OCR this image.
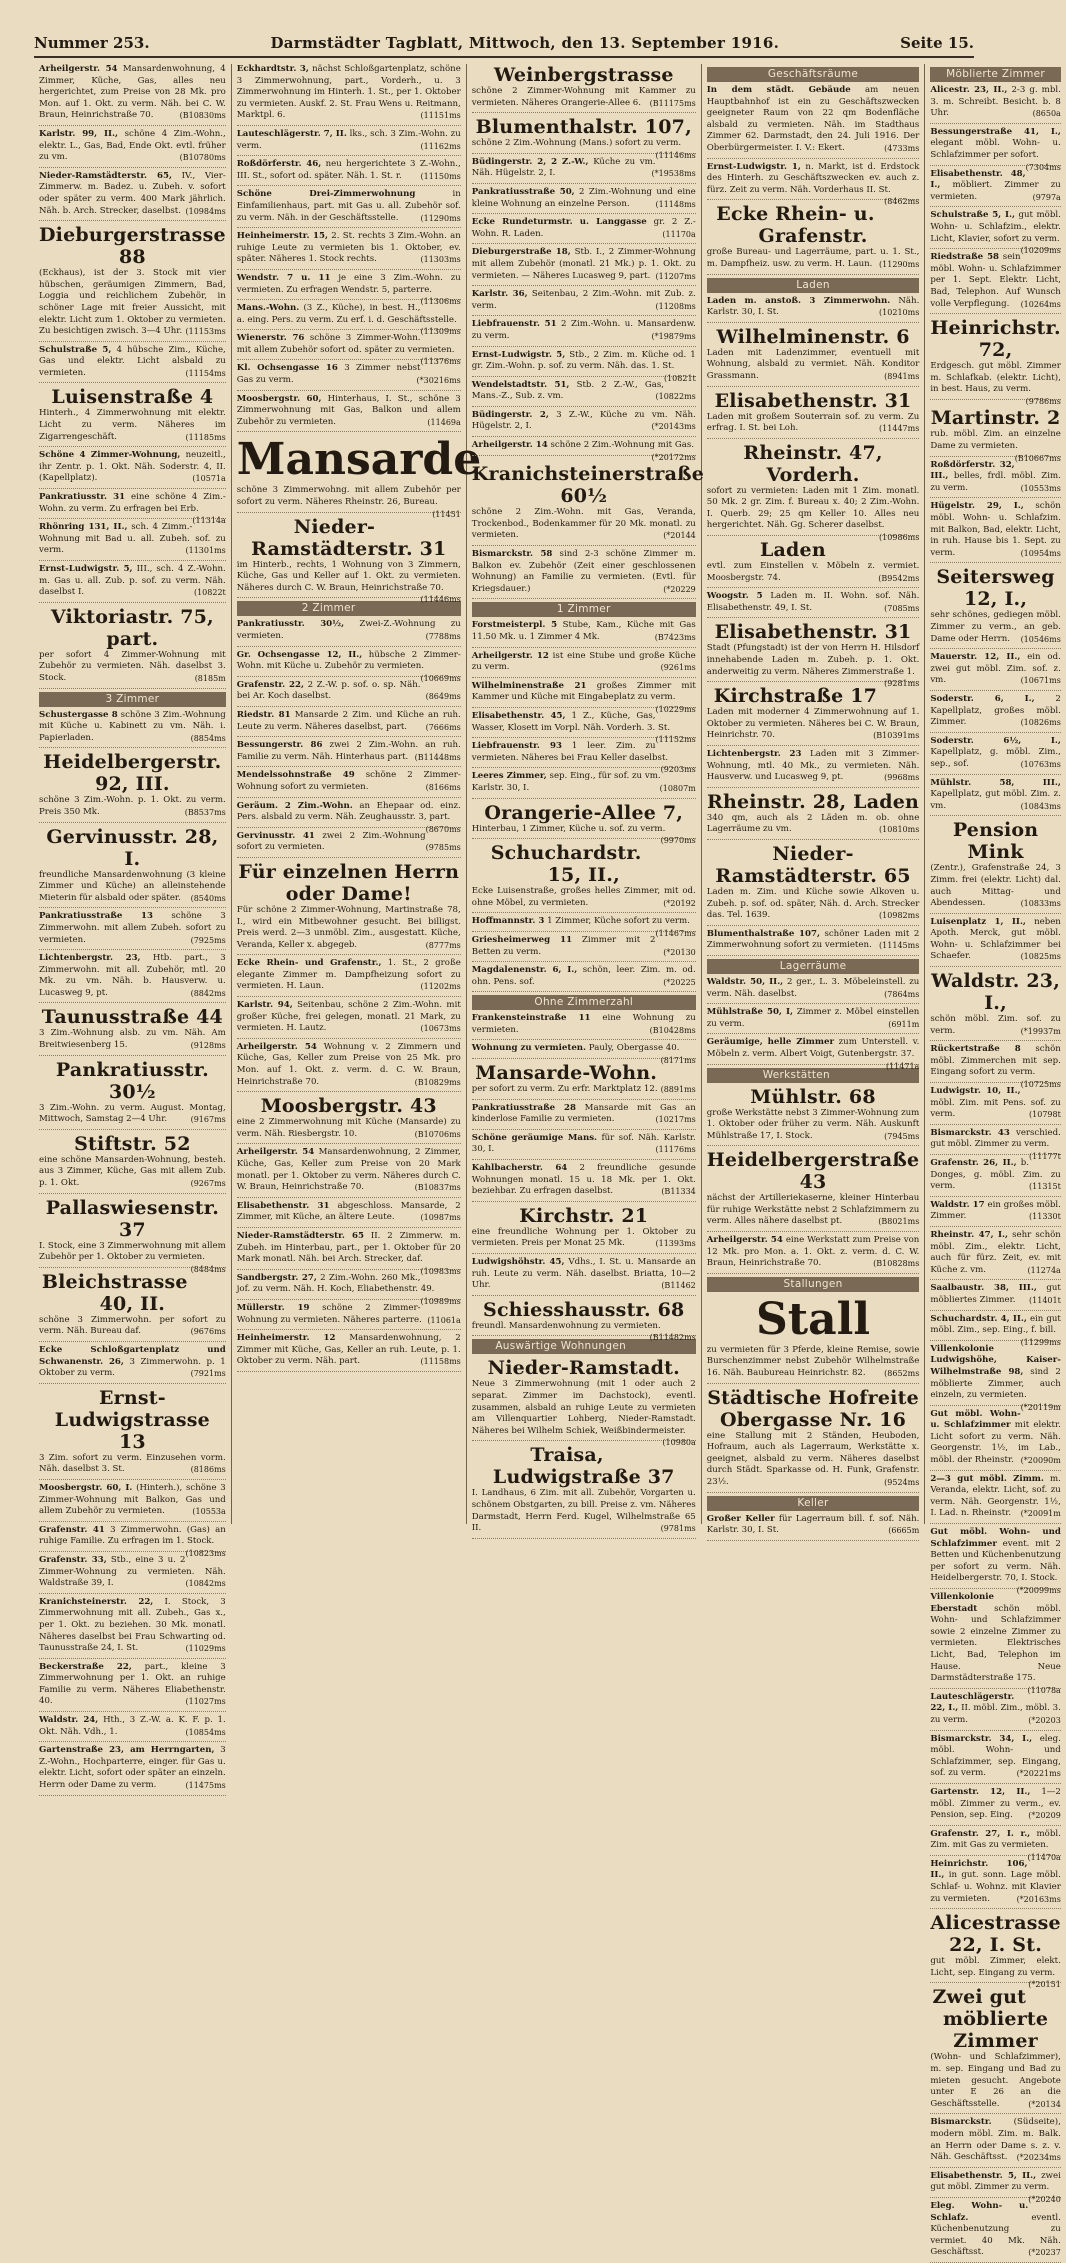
Nummer 253.	Darmstädter Tagblatt, Mittwoch, den 13. September 1916.	Seite 15.
Arheilgerstr. 54 Mansardenwohnung, 4 Zimmer, Küche, Gas, alles neu hergerichtet, zum Preise von 28 Mk. pro Mon. auf 1. Okt. zu verm. Näh. bei C. W. Braun, Heinrichstraße 70.	(B10830ms
Karlstr. 99, II., schöne 4 Zim.-Wohn., elektr. L., Gas, Bad, Ende Okt. evtl. früher zu vm.	(B10780ms
Nieder-Ramstädterstr. 65, IV., Vier-Zimmerw. m. Badez. u. Zubeh. v. sofort oder später zu verm. 400 Mark jährlich. Näh. b. Arch. Strecker, daselbst. (10984ms
Dieburgerstrasse 88
(Eckhaus), ist der 3. Stock mit vier hübschen, geräumigen Zimmern, Bad, Loggia und reichlichem Zubehör, in schöner Lage mit freier Aussicht, mit elektr. Licht zum 1. Oktober zu vermieten. Zu besichtigen zwisch. 3—4 Uhr. (11153ms
Schulstraße 5, 4 hübsche Zim., Küche, Gas und elektr. Licht alsbald zu vermieten.	(11154ms
Luisenstraße 4
Hinterh., 4 Zimmerwohnung mit elektr. Licht zu verm. Näheres im Zigarrengeschäft.	(11185ms
Schöne 4 Zimmer-Wohnung, neuzeitl., ihr Zentr. p. 1. Okt. Näh. Soderstr. 4, II. (Kapellplatz).	(10571a
Pankratiusstr. 31 eine schöne 4 Zim.-Wohn. zu verm. Zu erfragen bei Erb.
(11314a
Rhönring 131, II., sch. 4 Zimm.-Wohnung mit Bad u. all. Zubeh. sof. zu verm.	(11301ms
Ernst-Ludwigstr. 5, III., sch. 4 Z.-Wohn. m. Gas u. all. Zub. p. sof. zu verm. Näh. daselbst I.	(10822t
Viktoriastr. 75, part.
per sofort 4 Zimmer-Wohnung mit Zubehör zu vermieten. Näh. daselbst 3. Stock.	(8185m
3 Zimmer
Schustergasse 8 schöne 3 Zim.-Wohnung mit Küche u. Kabinett zu vm. Näh. i. Papierladen.	(8854ms
Heidelbergerstr. 92, III.
schöne 3 Zim.-Wohn. p. 1. Okt. zu verm. Preis 350 Mk.	(B8537ms
Gervinusstr. 28, I.
freundliche Mansardenwohnung (3 kleine Zimmer und Küche) an alleinstehende Mieterin für alsbald oder später. (8540ms
Pankratiusstraße 13 schöne 3 Zimmerwohn. mit allem Zubeh. sofort zu vermieten.	(7925ms
Lichtenbergstr. 23, Htb. part., 3 Zimmerwohn. mit all. Zubehör, mtl. 20 Mk. zu vm. Näh. b. Hausverw. u. Lucasweg 9, pt.	(8842ms
Taunusstraße 44
3 Zim.-Wohnung alsb. zu vm. Näh. Am Breitwiesenberg 15.	(9128ms
Pankratiusstr. 30½
3 Zim.-Wohn. zu verm. August. Montag, Mittwoch, Samstag 2—4 Uhr.	(9167ms
Stiftstr. 52
eine schöne Mansarden-Wohnung, besteh. aus 3 Zimmer, Küche, Gas mit allem Zub. p. 1. Okt.	(9267ms
Pallaswiesenstr. 37
I. Stock, eine 3 Zimmerwohnung mit allem Zubehör per 1. Oktober zu vermieten.
(8484ms
Bleichstrasse 40, II.
schöne 3 Zimmerwohn. per sofort zu verm. Näh. Bureau daf.	(9676ms
Ecke Schloßgartenplatz und Schwanenstr. 26, 3 Zimmerwohn. p. 1 Oktober zu verm.	(7921ms
Ernst-Ludwigstrasse 13
3 Zim. sofort zu verm. Einzusehen vorm. Näh. daselbst 3. St.	(8186ms
Moosbergstr. 60, I. (Hinterh.), schöne 3 Zimmer-Wohnung mit Balkon, Gas und allem Zubehör zu vermieten.	(10553a
Grafenstr. 41 3 Zimmerwohn. (Gas) an ruhige Familie. Zu erfragen im 1. Stock.
(10823ms
Grafenstr. 33, Stb., eine 3 u. 2 Zimmer-Wohnung zu vermieten. Näh. Waldstraße 39, I.	(10842ms
Kranichsteinerstr. 22, I. Stock, 3 Zimmerwohnung mit all. Zubeh., Gas x., per 1. Okt. zu beziehen. 30 Mk. monatl. Näheres daselbst bei Frau Schwarting od. Taunusstraße 24, I. St.	(11029ms
Beckerstraße 22, part., kleine 3 Zimmerwohnung per 1. Okt. an ruhige Familie zu verm. Näheres Eliabethenstr. 40.	(11027ms
Waldstr. 24, Hth., 3 Z.-W. a. K. F. p. 1. Okt. Näh. Vdh., 1.	(10854ms
Gartenstraße 23, am Herrngarten, 3 Z.-Wohn., Hochparterre, einger. für Gas u. elektr. Licht, sofort oder später an einzeln. Herrn oder Dame zu verm.	(11475ms
Eckhardtstr. 3, nächst Schloßgartenplatz, schöne 3 Zimmerwohnung, part., Vorderh., u. 3 Zimmerwohnung im Hinterh. 1. St., per 1. Oktober zu vermieten. Auskf. 2. St. Frau Wens u. Reitmann, Marktpl. 6.	(11151ms
Lauteschlägerstr. 7, II. lks., sch. 3 Zim.-Wohn. zu verm.	(11162ms
Roßdörferstr. 46, neu hergerichtete 3 Z.-Wohn., III. St., sofort od. später. Näh. 1. St. r. (11150ms
Schöne Drei-Zimmerwohnung	in Einfamilienhaus, part. mit Gas u. all. Zubehör sof. zu verm. Näh. in der Geschäftsstelle.	(11290ms
Heinheimerstr. 15, 2. St. rechts 3 Zim.-Wohn. an ruhige Leute zu vermieten bis 1. Oktober, ev. später. Näheres 1. Stock rechts.	(11303ms
Wendstr. 7 u. 11 je eine 3 Zim.-Wohn. zu vermieten. Zu erfragen Wendstr. 5, parterre.
(11306ms
Mans.-Wohn. (3 Z., Küche), in best. H., a. eing. Pers. zu verm. Zu erf. i. d. Geschäftsstelle.
(11309ms
Wienerstr. 76 schöne 3 Zimmer-Wohn. mit allem Zubehör sofort od. später zu vermieten.
(11376ms
Kl. Ochsengasse 16 3 Zimmer nebst Gas zu verm.	(*30216ms
Moosbergstr. 60, Hinterhaus, I. St., schöne 3 Zimmerwohnung mit Gas, Balkon und allem Zubehör zu vermieten.	(11469a
Mansarde
schöne 3 Zimmerwohng. mit allem Zubehör per sofort zu verm. Näheres Rheinstr. 26, Bureau.
(11451
Nieder-Ramstädterstr. 31
im Hinterb., rechts, 1 Wohnung von 3 Zimmern, Küche, Gas und Keller auf 1. Okt. zu vermieten. Näheres durch C. W. Braun, Heinrichstraße 70.
(11446ms
2 Zimmer
Pankratiusstr. 30½, Zwei-Z.-Wohnung zu vermieten.	(7788ms
Gr. Ochsengasse 12, II., hübsche 2 Zimmer-Wohn. mit Küche u. Zubehör zu vermieten.
(10669ms
Grafenstr. 22, 2 Z.-W. p. sof. o. sp. Näh. bei Ar. Koch daselbst.	(8649ms
Riedstr. 81 Mansarde 2 Zim. und Küche an ruh. Leute zu verm. Näheres daselbst, part. (7666ms
Bessungerstr. 86 zwei 2 Zim.-Wohn. an ruh. Familie zu verm. Näh. Hinterhaus part. (B11448ms
Mendelssohnstraße 49 schöne 2 Zimmer-Wohnung sofort zu vermieten.	(8166ms
Geräum. 2 Zim.-Wohn. an Ehepaar od. einz. Pers. alsbald zu verm. Näh. Zeughausstr. 3, part.
(8670ms
Gervinusstr. 41 zwei 2 Zim.-Wohnung sofort zu vermieten.	(9785ms
Für einzelnen Herrn oder Dame!
Für schöne 2 Zimmer-Wohnung, Martinstraße 78, I., wird ein Mitbewohner gesucht. Bei billigst. Preis werd. 2—3 unmöbl. Zim., ausgestatt. Küche, Veranda, Keller x. abgegeb.	(8777ms
Ecke Rhein- und Grafenstr., 1. St., 2 große elegante Zimmer m. Dampfheizung sofort zu vermieten. H. Laun.	(11202ms
Karlstr. 94, Seitenbau, schöne 2 Zim.-Wohn. mit großer Küche, frei gelegen, monatl. 21 Mark, zu vermieten. H. Lautz.	(10673ms
Arheilgerstr. 54 Wohnung v. 2 Zimmern und Küche, Gas, Keller zum Preise von 25 Mk. pro Mon. auf 1. Okt. z. verm. d. C. W. Braun, Heinrichstraße 70.	(B10829ms
Moosbergstr. 43
eine 2 Zimmerwohnung mit Küche (Mansarde) zu verm. Näh. Riesbergstr. 10.	(B10706ms
Arheilgerstr. 54 Mansardenwohnung, 2 Zimmer, Küche, Gas, Keller zum Preise von 20 Mark monatl. per 1. Oktober zu verm. Näheres durch C. W. Braun, Heinrichstraße 70.	(B10837ms
Elisabethenstr. 31 abgeschloss. Mansarde, 2 Zimmer, mit Küche, an ältere Leute.	(10987ms
Nieder-Ramstädterstr. 65 II. 2 Zimmerw. m. Zubeh. im Hinterbau, part., per 1. Oktober für 20 Mark monatl. Näh. bei Arch. Strecker, daf.
(10983ms
Sandbergstr. 27, 2 Zim.-Wohn. 260 Mk., jof. zu verm. Näh. H. Koch, Eliabethenstr. 49.
(10989ms
Müllerstr. 19 schöne 2 Zimmer-Wohnung zu vermieten. Näheres parterre. (11061a
Heinheimerstr. 12 Mansardenwohnung, 2 Zimmer mit Küche, Gas, Keller an ruh. Leute, p. 1. Oktober zu verm. Näh. part.	(11158ms
Weinbergstrasse
schöne 2 Zimmer-Wohnung mit Kammer zu vermieten. Näheres Orangerie-Allee 6. (B11175ms
Blumenthalstr. 107,
schöne 2 Zim.-Wohnung (Mans.) sofort zu verm.
(11146ms
Büdingerstr. 2, 2 Z.-W., Küche zu vm. Näh. Hügelstr. 2, I.	(*19538ms
Pankratiusstraße 50, 2 Zim.-Wohnung und eine kleine Wohnung an einzelne Person.	(11148ms
Ecke Rundeturmstr. u. Langgasse gr. 2 Z.-Wohn. R. Laden.	(11170a
Dieburgerstraße 18, Stb. I., 2 Zimmer-Wohnung mit allem Zubehör (monatl. 21 Mk.) p. 1. Okt. zu vermieten. — Näheres Lucasweg 9, part. (11207ms
Karlstr. 36, Seitenbau, 2 Zim.-Wohn. mit Zub. z. verm.	(11208ms
Liebfrauenstr. 51 2 Zim.-Wohn. u. Mansardenw. zu verm.	(*19879ms
Ernst-Ludwigstr. 5, Stb., 2 Zim. m. Küche od. 1 gr. Zim.-Wohn. p. sof. zu verm. Näh. das. 1. St.
(10821t
Wendelstadtstr. 51, Stb. 2 Z.-W., Gas, Mans.-Z., Sub. z. vm.	(10822ms
Büdingerstr. 2, 3 Z.-W., Küche zu vm. Näh. Hügelstr. 2, I.	(*20143ms
Arheilgerstr. 14 schöne 2 Zim.-Wohnung mit Gas.
(*20172ms
Kranichsteinerstraße 60½
schöne 2 Zim.-Wohn. mit Gas, Veranda, Trockenbod., Bodenkammer für 20 Mk. monatl. zu vermieten.	(*20144
Bismarckstr. 58 sind 2-3 schöne Zimmer m. Balkon ev. Zubehör (Zeit einer geschlossenen Wohnung) an Familie zu vermieten. (Evtl. für Kriegsdauer.)	(*20229
1 Zimmer
Forstmeisterpl. 5 Stube, Kam., Küche mit Gas 11.50 Mk. u. 1 Zimmer 4 Mk.	(B7423ms
Arheilgerstr. 12 ist eine Stube und große Küche zu verm.	(9261ms
Wilhelminenstraße 21 großes Zimmer mit Kammer und Küche mit Eingabeplatz zu verm.
(10229ms
Elisabethenstr. 45, 1 Z., Küche, Gas, Wasser, Klosett im Vorpl. Näh. Vorderh. 3. St.
(11152ms
Liebfrauenstr. 93 1 leer. Zim. zu vermieten. Näheres bei Frau Keller daselbst.
(9203ms
Leeres Zimmer, sep. Eing., für sof. zu vm. Karlstr. 30, I.	(10807m
Orangerie-Allee 7,
Hinterbau, 1 Zimmer, Küche u. sof. zu verm.
(9970ms
Schuchardstr. 15, II.,
Ecke Luisenstraße, großes helles Zimmer, mit od. ohne Möbel, zu vermieten.	(*20192
Hoffmannstr. 3 1 Zimmer, Küche sofort zu verm.
(11467ms
Griesheimerweg 11 Zimmer mit 2 Betten zu verm.	(*20130
Magdalenenstr. 6, I., schön, leer. Zim. m. od. ohn. Pens. sof.	(*20225
Ohne Zimmerzahl
Frankensteinstraße 11 eine Wohnung zu vermieten.	(B10428ms
Wohnung zu vermieten. Pauly, Obergasse 40.
(8171ms
Mansarde-Wohn.
per sofort zu verm. Zu erfr. Marktplatz 12. (8891ms
Pankratiusstraße 28 Mansarde mit Gas an kinderlose Familie zu vermieten.	(10217ms
Schöne geräumige Mans. für sof. Näh. Karlstr. 30, I.	(11176ms
Kahlbacherstr. 64 2 freundliche gesunde Wohnungen monatl. 15 u. 18 Mk. per 1. Okt. beziehbar. Zu erfragen daselbst.	(B11334
Kirchstr. 21
eine freundliche Wohnung per 1. Oktober zu vermieten. Preis per Monat 25 Mk.	(11393ms
Ludwigshöhstr. 45, Vdhs., I. St. u. Mansarde an ruh. Leute zu verm. Näh. daselbst. Briatta, 10—2 Uhr.	(B11462
Schiesshausstr. 68
freundl. Mansardenwohnung zu vermieten.
(B11482ms
Auswärtige Wohnungen
Nieder-Ramstadt.
Neue 3 Zimmerwohnung (mit 1 oder auch 2 separat. Zimmer im Dachstock), eventl. zusammen, alsbald an ruhige Leute zu vermieten am Villenquartier Lohberg, Nieder-Ramstadt. Näheres bei Wilhelm Schiek, Weißbindermeister.
(10980a
Traisa, Ludwigstraße 37
I. Landhaus, 6 Zim. mit all. Zubehör, Vorgarten u. schönem Obstgarten, zu bill. Preise z. vm. Näheres Darmstadt, Herrn Ferd. Kugel, Wilhelmstraße 65 II.	(9781ms
Geschäftsräume
In dem städt. Gebäude am neuen Hauptbahnhof ist ein zu Geschäftszwecken geeigneter Raum von 22 qm Bodenfläche alsbald zu vermieten. Näh. im Stadthaus Zimmer 62. Darmstadt, den 24. Juli 1916. Der Oberbürgermeister. I. V.: Ekert.	(4733ms
Ernst-Ludwigstr. 1, n. Markt, ist d. Erdstock des Hinterh. zu Geschäftszwecken ev. auch z. fürz. Zeit zu verm. Näh. Vorderhaus II. St.
(8462ms
Ecke Rhein- u. Grafenstr.
große Bureau- und Lagerräume, part. u. 1. St., m. Dampfheiz. usw. zu verm. H. Laun. (11290ms
Laden
Laden m. anstoß. 3 Zimmerwohn. Näh. Karlstr. 30, I. St.	(10210ms
Wilhelminenstr. 6
Laden mit Ladenzimmer, eventuell mit Wohnung, alsbald zu vermiet. Näh. Konditor Grassmann.	(8941ms
Elisabethenstr. 31
Laden mit großem Souterrain sof. zu verm. Zu erfrag. I. St. bei Loh.	(11447ms
Rheinstr. 47, Vorderh.
sofort zu vermieten: Laden mit 1 Zim. monatl. 50 Mk. 2 gr. Zim. f. Bureau x. 40; 2 Zim.-Wohn. I. Querb. 29; 25 qm Keller 10. Alles neu hergerichtet. Näh. Gg. Scherer daselbst.
(10986ms
Laden
evtl. zum Einstellen v. Möbeln z. vermiet. Moosbergstr. 74.	(B9542ms
Woogstr. 5 Laden m. II. Wohn. sof. Näh. Elisabethenstr. 49, I. St.	(7085ms
Elisabethenstr. 31
Stadt (Pfungstadt) ist der von Herrn H. Hilsdorf innehabende Laden m. Zubeh. p. 1. Okt. anderweitig zu verm. Näheres Zimmerstraße 1.
(9281ms
Kirchstraße 17
Laden mit moderner 4 Zimmerwohnung auf 1. Oktober zu vermieten. Näheres bei C. W. Braun, Heinrichstr. 70.	(B10391ms
Lichtenbergstr. 23 Laden mit 3 Zimmer-Wohnung, mtl. 40 Mk., zu vermieten. Näh. Hausverw. und Lucasweg 9, pt.	(9968ms
Rheinstr. 28, Laden
340 qm, auch als 2 Läden m. ob. ohne Lagerräume zu vm.	(10810ms
Nieder-Ramstädterstr. 65
Laden m. Zim. und Küche sowie Alkoven u. Zubeh. p. sof. od. später, Näh. d. Arch. Strecker das. Tel. 1639.	(10982ms
Blumenthalstraße 107, schöner Laden mit 2 Zimmerwohnung sofort zu vermieten. (11145ms
Lagerräume
Waldstr. 50, II., 2 ger., L. 3. Möbeleinstell. zu verm. Näh. daselbst.	(7864ms
Mühlstraße 50, I, Zimmer z. Möbel einstellen zu verm.	(6911m
Geräumige, helle Zimmer zum Unterstell. v. Möbeln z. verm. Albert Voigt, Gutenbergstr. 37.
(11471a
Werkstätten
Mühlstr. 68
große Werkstätte nebst 3 Zimmer-Wohnung zum 1. Oktober oder früher zu verm. Näh. Auskunft Mühlstraße 17, I. Stock.	(7945ms
Heidelbergerstraße 43
nächst der Artilleriekaserne, kleiner Hinterbau für ruhige Werkstätte nebst 2 Schlafzimmern zu verm. Alles nähere daselbst pt.	(B8021ms
Arheilgerstr. 54 eine Werkstatt zum Preise von 12 Mk. pro Mon. a. 1. Okt. z. verm. d. C. W. Braun, Heinrichstraße 70.	(B10828ms
Stallungen
Stall
zu vermieten für 3 Pferde, kleine Remise, sowie Burschenzimmer nebst Zubehör Wilhelmstraße 16. Näh. Baubureau Heinrichstr. 82. (8652ms
Städtische Hofreite Obergasse Nr. 16
eine Stallung mit 2 Ständen, Heuboden, Hofraum, auch als Lagerraum, Werkstätte x. geeignet, alsbald zu verm. Näheres daselbst durch Städt. Sparkasse od. H. Funk, Grafenstr. 23½.	(9524ms
Keller
Großer Keller für Lagerraum bill. f. sof. Näh. Karlstr. 30, I. St.	(6665m
Möblierte Zimmer
Alicestr. 23, II., 2-3 g. mbl. 3. m. Schreibt. Besicht. b. 8 Uhr.	(8650a
Bessungerstraße 41, I., elegant möbl. Wohn- u. Schlafzimmer per sofort.
(7304ms
Elisabethenstr. 48, I., möbliert. Zimmer zu vermieten.	(9797a
Schulstraße 5, I., gut möbl. Wohn- u. Schlafzim., elektr. Licht, Klavier, sofort zu verm.
(10209ms
Riedstraße 58 sein möbl. Wohn- u. Schlafzimmer per 1. Sept. Elektr. Licht, Bad, Telephon. Auf Wunsch volle Verpflegung. (10264ms
Heinrichstr. 72,
Erdgesch. gut möbl. Zimmer m. Schlafkab. (elektr. Licht), in best. Haus, zu verm.
(9786ms
Martinstr. 2
rub. möbl. Zim. an einzelne Dame zu vermieten.
(B10667ms
Roßdörferstr. 32, III., belles, frdl. möbl. Zim. zu verm.	(10553ms
Hügelstr. 29, I., schön möbl. Wohn- u. Schlafzim. mit Balkon, Bad, elektr. Licht, in ruh. Hause bis 1. Sept. zu verm.	(10954ms
Seitersweg 12, I.,
sehr schönes, gediegen möbl. Zimmer zu verm., an geb. Dame oder Herrn. (10546ms
Mauerstr. 12, II., ein od. zwei gut möbl. Zim. sof. z. vm.	(10671ms
Soderstr. 6, I., 2 Kapellplatz, großes möbl. Zimmer.	(10826ms
Soderstr. 6½, I., Kapellplatz, g. möbl. Zim., sep., sof.	(10763ms
Mühlstr. 58, III., Kapellplatz, gut möbl. Zim. z. vm.	(10843ms
Pension Mink
(Zentr.), Grafenstraße 24, 3 Zimm. frei (elektr. Licht) dal. auch Mittag- und Abendessen.	(10833ms
Luisenplatz 1, II., neben Apoth. Merck, gut möbl. Wohn- u. Schlafzimmer bei Schaefer.	(10825ms
Waldstr. 23, I.,
schön möbl. Zim. sof. zu verm.	(*19937m
Rückertstraße 8 schön möbl. Zimmerchen mit sep. Eingang sofort zu verm.
(10725ms
Ludwigstr. 10, II., möbl. Zim. mit Pens. sof. zu verm.	(10798t
Bismarckstr. 43 verschied. gut möbl. Zimmer zu verm.
(11177t
Grafenstr. 26, II., b. Donges, g. möbl. Zim. zu verm.	(11315t
Waldstr. 17 ein großes möbl. Zimmer.	(11330t
Rheinstr. 47, I., sehr schön möbl. Zim., elektr. Licht, auch für fürz. Zeit, ev. mit Küche z. vm.	(11274a
Saalbaustr. 38, III., gut möbliertes Zimmer. (11401t
Schuchardstr. 4, II., ein gut möbl. Zim., sep. Eing., f. bill.
(11299ms
Villenkolonie Ludwigshöhe, Kaiser-Wilhelmstraße 98, sind 2 möblierte Zimmer, auch einzeln, zu vermieten.
(*20119m
Gut möbl. Wohn- u. Schlafzimmer mit elektr. Licht sofort zu verm. Näh. Georgenstr. 1½, im Lab., möbl. der Rheinstr. (*20090m
2—3 gut möbl. Zimm. m. Veranda, elektr. Licht, sof. zu verm. Näh. Georgenstr. 1½, I. Lad. n. Rheinstr. (*20091m
Gut möbl. Wohn- und Schlafzimmer event. mit 2 Betten und Küchenbenutzung per sofort zu verm. Näh. Heidelbergerstr. 70, I. Stock.
(*20099ms
Villenkolonie Eberstadt schön möbl. Wohn- und Schlafzimmer sowie 2 einzelne Zimmer zu vermieten. Elektrisches Licht, Bad, Telephon im Hause. Neue Darmstädterstraße 175.
(11078a
Lauteschlägerstr. 22, I., II. möbl. Zim., möbl. 3. zu verm.	(*20203
Bismarckstr. 34, I., eleg. möbl. Wohn- und Schlafzimmer, sep. Eingang, sof. zu verm.	(*20221ms
Gartenstr. 12, II., 1—2 möbl. Zimmer zu verm., ev. Pension, sep. Eing. (*20209
Grafenstr. 27, I. r., möbl. Zim. mit Gas zu vermieten.
(11470a
Heinrichstr. 106, II., in gut. sonn. Lage möbl. Schlaf- u. Wohnz. mit Klavier zu vermieten.	(*20163ms
Alicestrasse 22, I. St.
gut möbl. Zimmer, elekt. Licht, sep. Eingang zu verm.
(*20151
Zwei gut möblierte Zimmer
(Wohn- und Schlafzimmer), m. sep. Eingang und Bad zu mieten gesucht. Angebote unter E 26 an die Geschäftsstelle.	(*20134
Bismarckstr.	(Südseite), modern möbl. Zim. m. Balk. an Herrn oder Dame s. z. v. Näh. Geschäftsst. (*20234ms
Elisabethenstr. 5, II., zwei gut möbl. Zimmer zu verm.
(*20240
Eleg. Wohn- u. Schlafz.	eventl. Küchenbenutzung zu vermiet. 40 Mk. Näh. Geschäftsst.	(*20237
